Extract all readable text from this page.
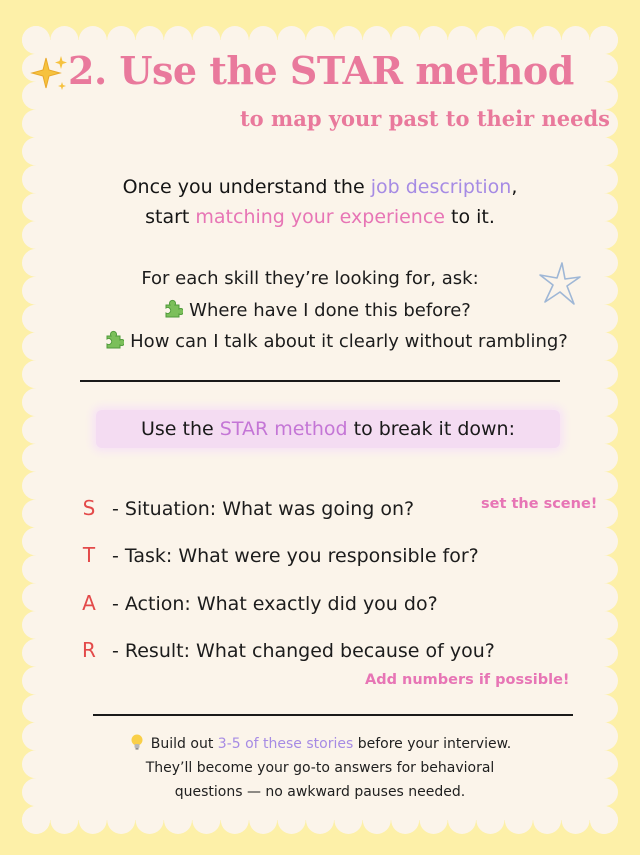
2. Use the STAR method
to map your past to their needs
Once you understand the job description,
start matching your experience to it.
For each skill they’re looking for, ask:
Where have I done this before?
How can I talk about it clearly without rambling?
Use the STAR method to break it down:
S - Situation: What was going on?
T - Task: What were you responsible for?
A - Action: What exactly did you do?
R - Result: What changed because of you?
set the scene!
Add numbers if possible!
Build out 3-5 of these stories before your interview.
They’ll become your go-to answers for behavioral
questions — no awkward pauses needed.
